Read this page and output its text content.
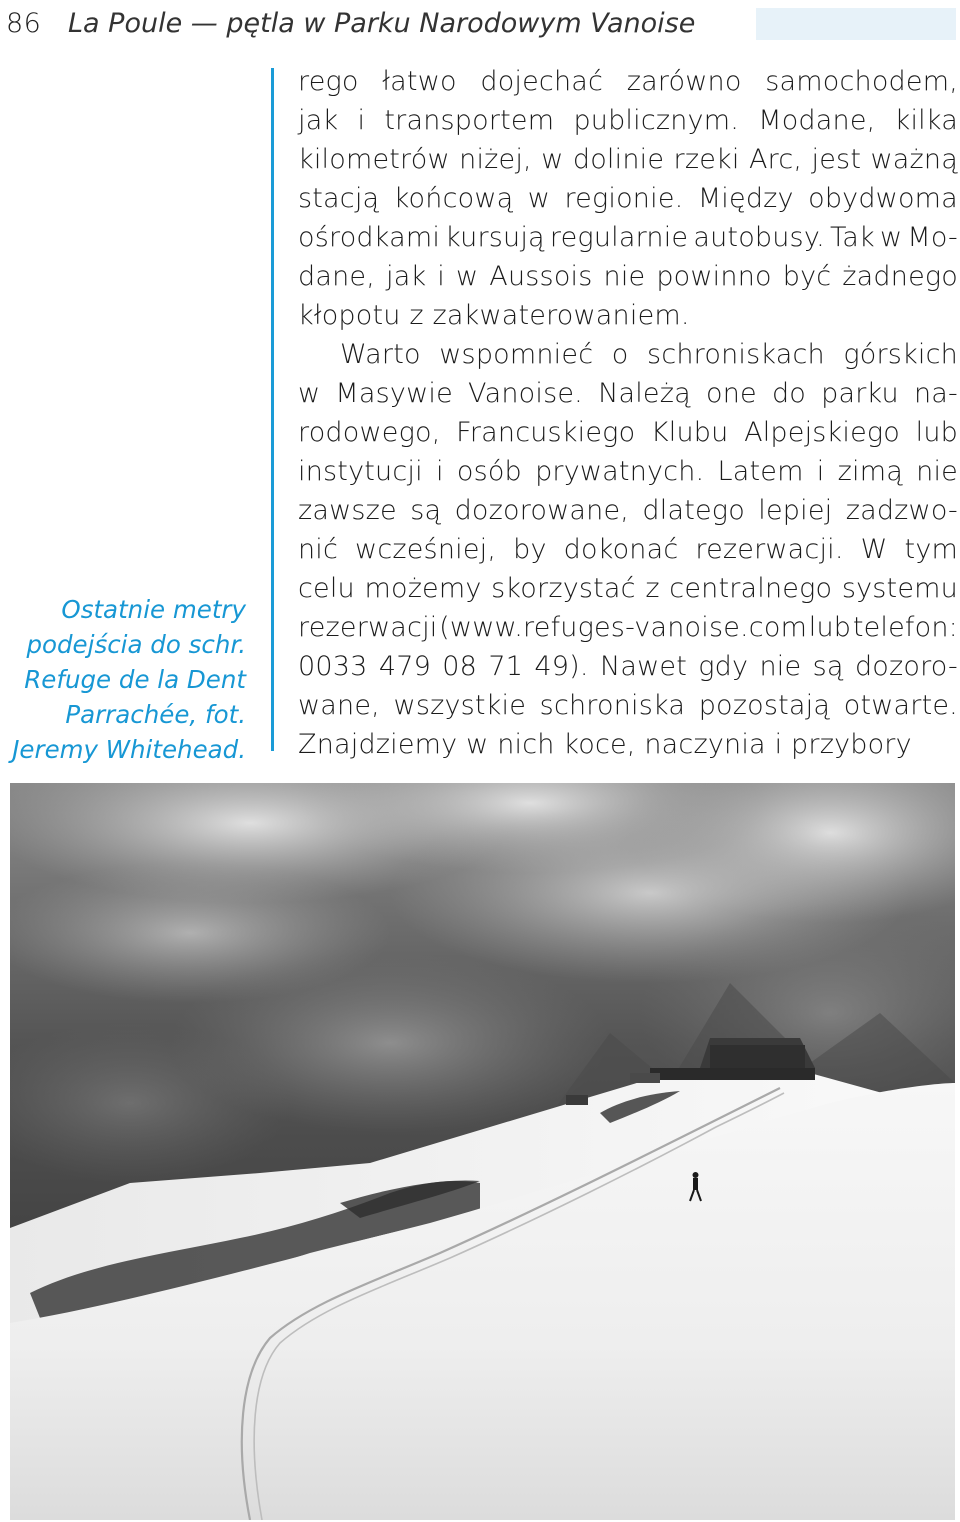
86 La Poule — pętla w Parku Narodowym Vanoise
Ostatnie metry
podejścia do schr.
Refuge de la Dent
Parrachée, fot.
Jeremy Whitehead.
rego łatwo dojechać zarówno samochodem,
jak i transportem publicznym. Modane, kilka
kilometrów niżej, w dolinie rzeki Arc, jest ważną
stacją końcową w regionie. Między obydwoma
ośrodkami kursują regularnie autobusy. Tak w Mo-
dane, jak i w Aussois nie powinno być żadnego
kłopotu z zakwaterowaniem.
Warto wspomnieć o schroniskach górskich
w Masywie Vanoise. Należą one do parku na-
rodowego, Francuskiego Klubu Alpejskiego lub
instytucji i osób prywatnych. Latem i zimą nie
zawsze są dozorowane, dlatego lepiej zadzwo-
nić wcześniej, by dokonać rezerwacji. W tym
celu możemy skorzystać z centralnego systemu
rezerwacji (www.refuges-vanoise.com lub telefon:
0033 479 08 71 49). Nawet gdy nie są dozoro-
wane, wszystkie schroniska pozostają otwarte.
Znajdziemy w nich koce, naczynia i przybory
